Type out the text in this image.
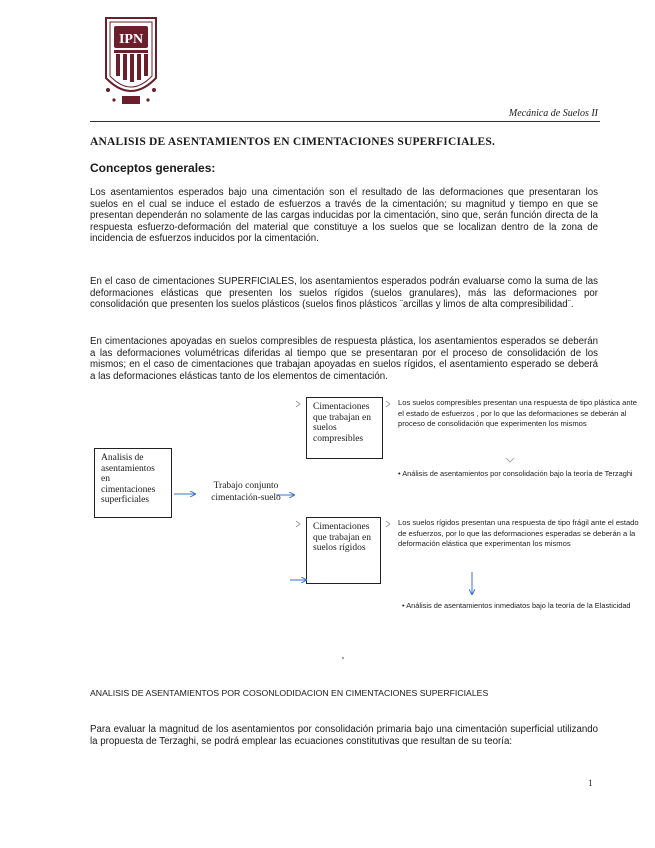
IPN
Mecánica de Suelos II
ANALISIS DE ASENTAMIENTOS EN CIMENTACIONES SUPERFICIALES.
Conceptos generales:

Los asentamientos esperados bajo una cimentación son el resultado de las deformaciones que presentaran los suelos en el cual se induce el estado de esfuerzos a través de la cimentación; su magnitud y tiempo en que se presentan dependerán no solamente de las cargas inducidas por la cimentación, sino que, serán función directa de la respuesta esfuerzo-deformación del material que constituye a los suelos que se localizan dentro de la zona de incidencia de esfuerzos inducidos por la cimentación.

En el caso de cimentaciones SUPERFICIALES, los asentamientos esperados podrán evaluarse como la suma de las deformaciones elásticas que presenten los suelos rígidos (suelos granulares), más las deformaciones por consolidación que presenten los suelos plásticos (suelos finos plásticos ¨arcillas y limos de alta compresibilidad¨.

En cimentaciones apoyadas en suelos compresibles de respuesta plástica, los asentamientos esperados se deberán a las deformaciones volumétricas diferidas al tiempo que se presentaran por el proceso de consolidación de los mismos; en el caso de cimentaciones que trabajan apoyadas en suelos rígidos, el asentamiento esperado se deberá a las deformaciones elásticas tanto de los elementos de cimentación.

Analisis de asentamientos en cimentaciones superficiales
Trabajo conjunto cimentación-suelo
Cimentaciones que trabajan en suelos compresibles
Cimentaciones que trabajan en suelos rígidos
Los suelos compresibles presentan una respuesta de tipo plástica ante el estado de esfuerzos , por lo que las deformaciones se deberán al proceso de consolidación que experimenten los mismos
• Análisis de asentamientos por consolidación bajo la teoría de Terzaghi
Los suelos rígidos presentan una respuesta de tipo frágil ante el estado de esfuerzos, por lo que las deformaciones esperadas se deberán a la deformación elástica que experimentan los mismos
• Análisis de asentamientos inmediatos bajo la teoría de la Elasticidad
ANALISIS DE ASENTAMIENTOS POR COSONLODIDACION EN CIMENTACIONES SUPERFICIALES

Para evaluar la magnitud de los asentamientos por consolidación primaria bajo una cimentación superficial utilizando la propuesta de Terzaghi, se podrá emplear las ecuaciones constitutivas que resultan de su teoría:

1
